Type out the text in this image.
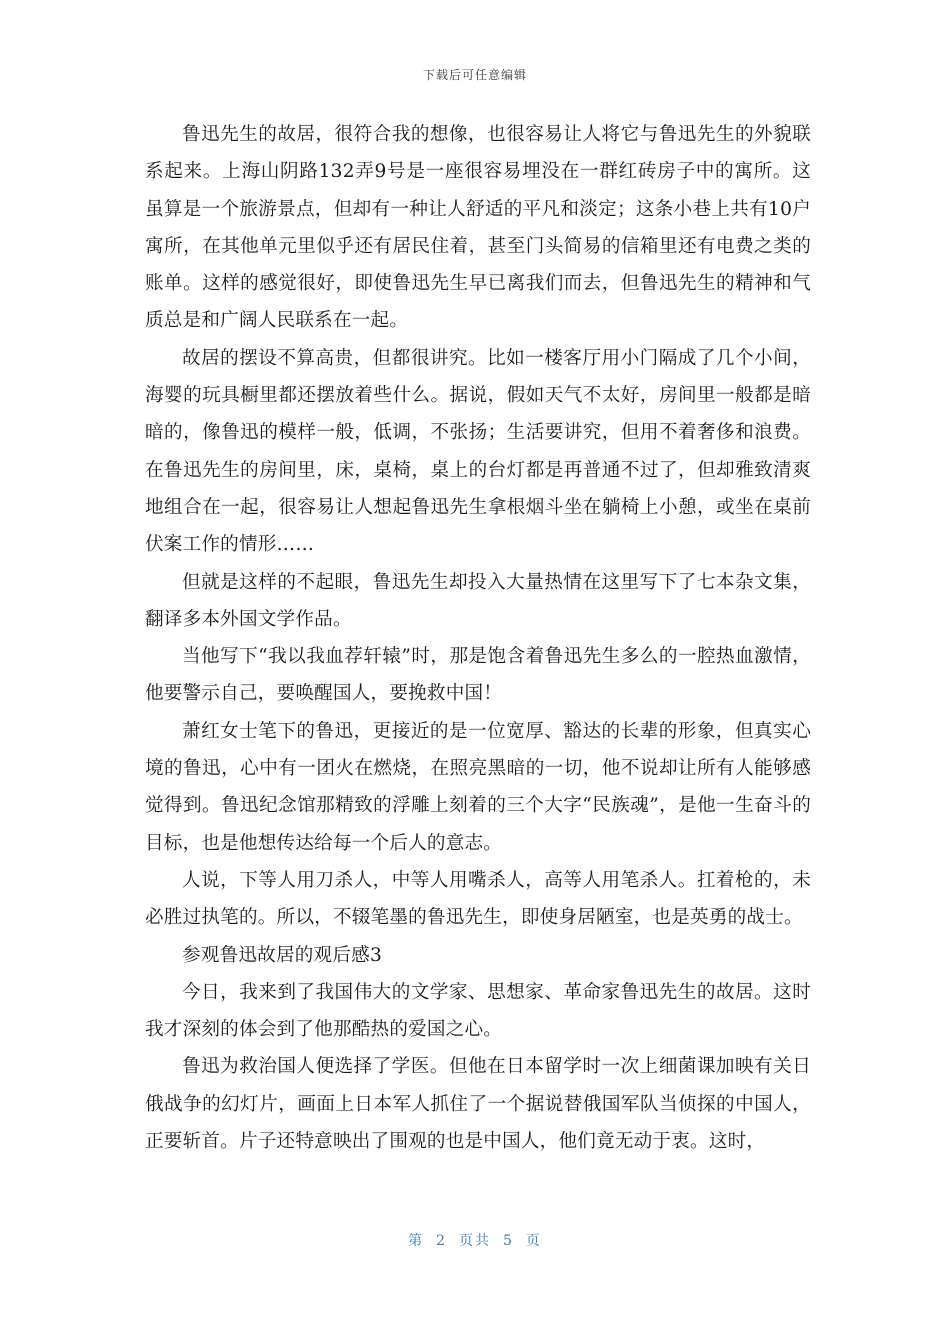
下载后可任意编辑

鲁迅先生的故居，很符合我的想像，也很容易让人将它与鲁迅先生的外貌联系起来。上海山阴路132弄9号是一座很容易埋没在一群红砖房子中的寓所。这虽算是一个旅游景点，但却有一种让人舒适的平凡和淡定；这条小巷上共有10户寓所，在其他单元里似乎还有居民住着，甚至门头简易的信箱里还有电费之类的账单。这样的感觉很好，即使鲁迅先生早已离我们而去，但鲁迅先生的精神和气质总是和广阔人民联系在一起。

故居的摆设不算高贵，但都很讲究。比如一楼客厅用小门隔成了几个小间，海婴的玩具橱里都还摆放着些什么。据说，假如天气不太好，房间里一般都是暗暗的，像鲁迅的模样一般，低调，不张扬；生活要讲究，但用不着奢侈和浪费。在鲁迅先生的房间里，床，桌椅，桌上的台灯都是再普通不过了，但却雅致清爽地组合在一起，很容易让人想起鲁迅先生拿根烟斗坐在躺椅上小憩，或坐在桌前伏案工作的情形……

但就是这样的不起眼，鲁迅先生却投入大量热情在这里写下了七本杂文集，翻译多本外国文学作品。

当他写下“我以我血荐轩辕”时，那是饱含着鲁迅先生多么的一腔热血激情，他要警示自己，要唤醒国人，要挽救中国！

萧红女士笔下的鲁迅，更接近的是一位宽厚、豁达的长辈的形象，但真实心境的鲁迅，心中有一团火在燃烧，在照亮黑暗的一切，他不说却让所有人能够感觉得到。鲁迅纪念馆那精致的浮雕上刻着的三个大字“民族魂”，是他一生奋斗的目标，也是他想传达给每一个后人的意志。

人说，下等人用刀杀人，中等人用嘴杀人，高等人用笔杀人。扛着枪的，未必胜过执笔的。所以，不辍笔墨的鲁迅先生，即使身居陋室，也是英勇的战士。

参观鲁迅故居的观后感3

今日，我来到了我国伟大的文学家、思想家、革命家鲁迅先生的故居。这时我才深刻的体会到了他那酷热的爱国之心。

鲁迅为救治国人便选择了学医。但他在日本留学时一次上细菌课加映有关日俄战争的幻灯片，画面上日本军人抓住了一个据说替俄国军队当侦探的中国人，正要斩首。片子还特意映出了围观的也是中国人，他们竟无动于衷。这时，

第 2 页共 5 页
